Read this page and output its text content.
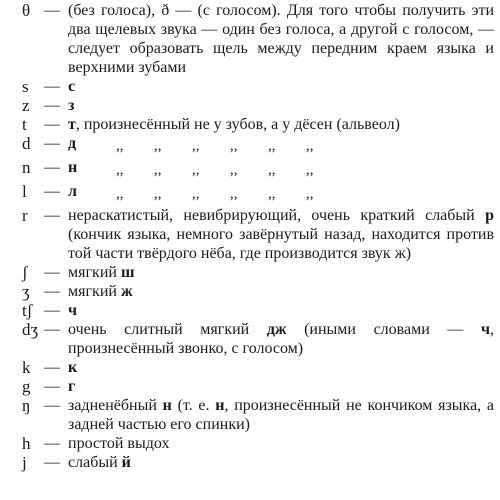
θ — (без голоса), ð — (с голосом). Для того чтобы получить эти два щелевых звука — один без голоса, а другой с голосом, — следует образовать щель между передним краем языка и верхними зубами
s — с
z — з
t	— т, произнесённый не у зубов, а у дёсен (альвеол)
d — д	,,	,,	,,	,,	,,	,,
n — н	,,	,,	,,	,,	,,	,,
l	— л	,,	,,	,,	,,	,,	,,
r	— нераскатистый, невибрирующий, очень краткий слабый р (кончик языка, немного завёрнутый назад, находится против той части твёрдого нёба, где производится звук ж)
ʃ	— мягкий ш
ʒ — мягкий ж
tʃ — ч
dʒ — очень слитный мягкий дж (иными словами — ч, произнесённый звонко, с голосом)
k — к
g — г
ŋ — задненёбный н (т. е. н, произнесённый не кончиком языка, а задней частью его спинки)
h — простой выдох
j	— слабый й
